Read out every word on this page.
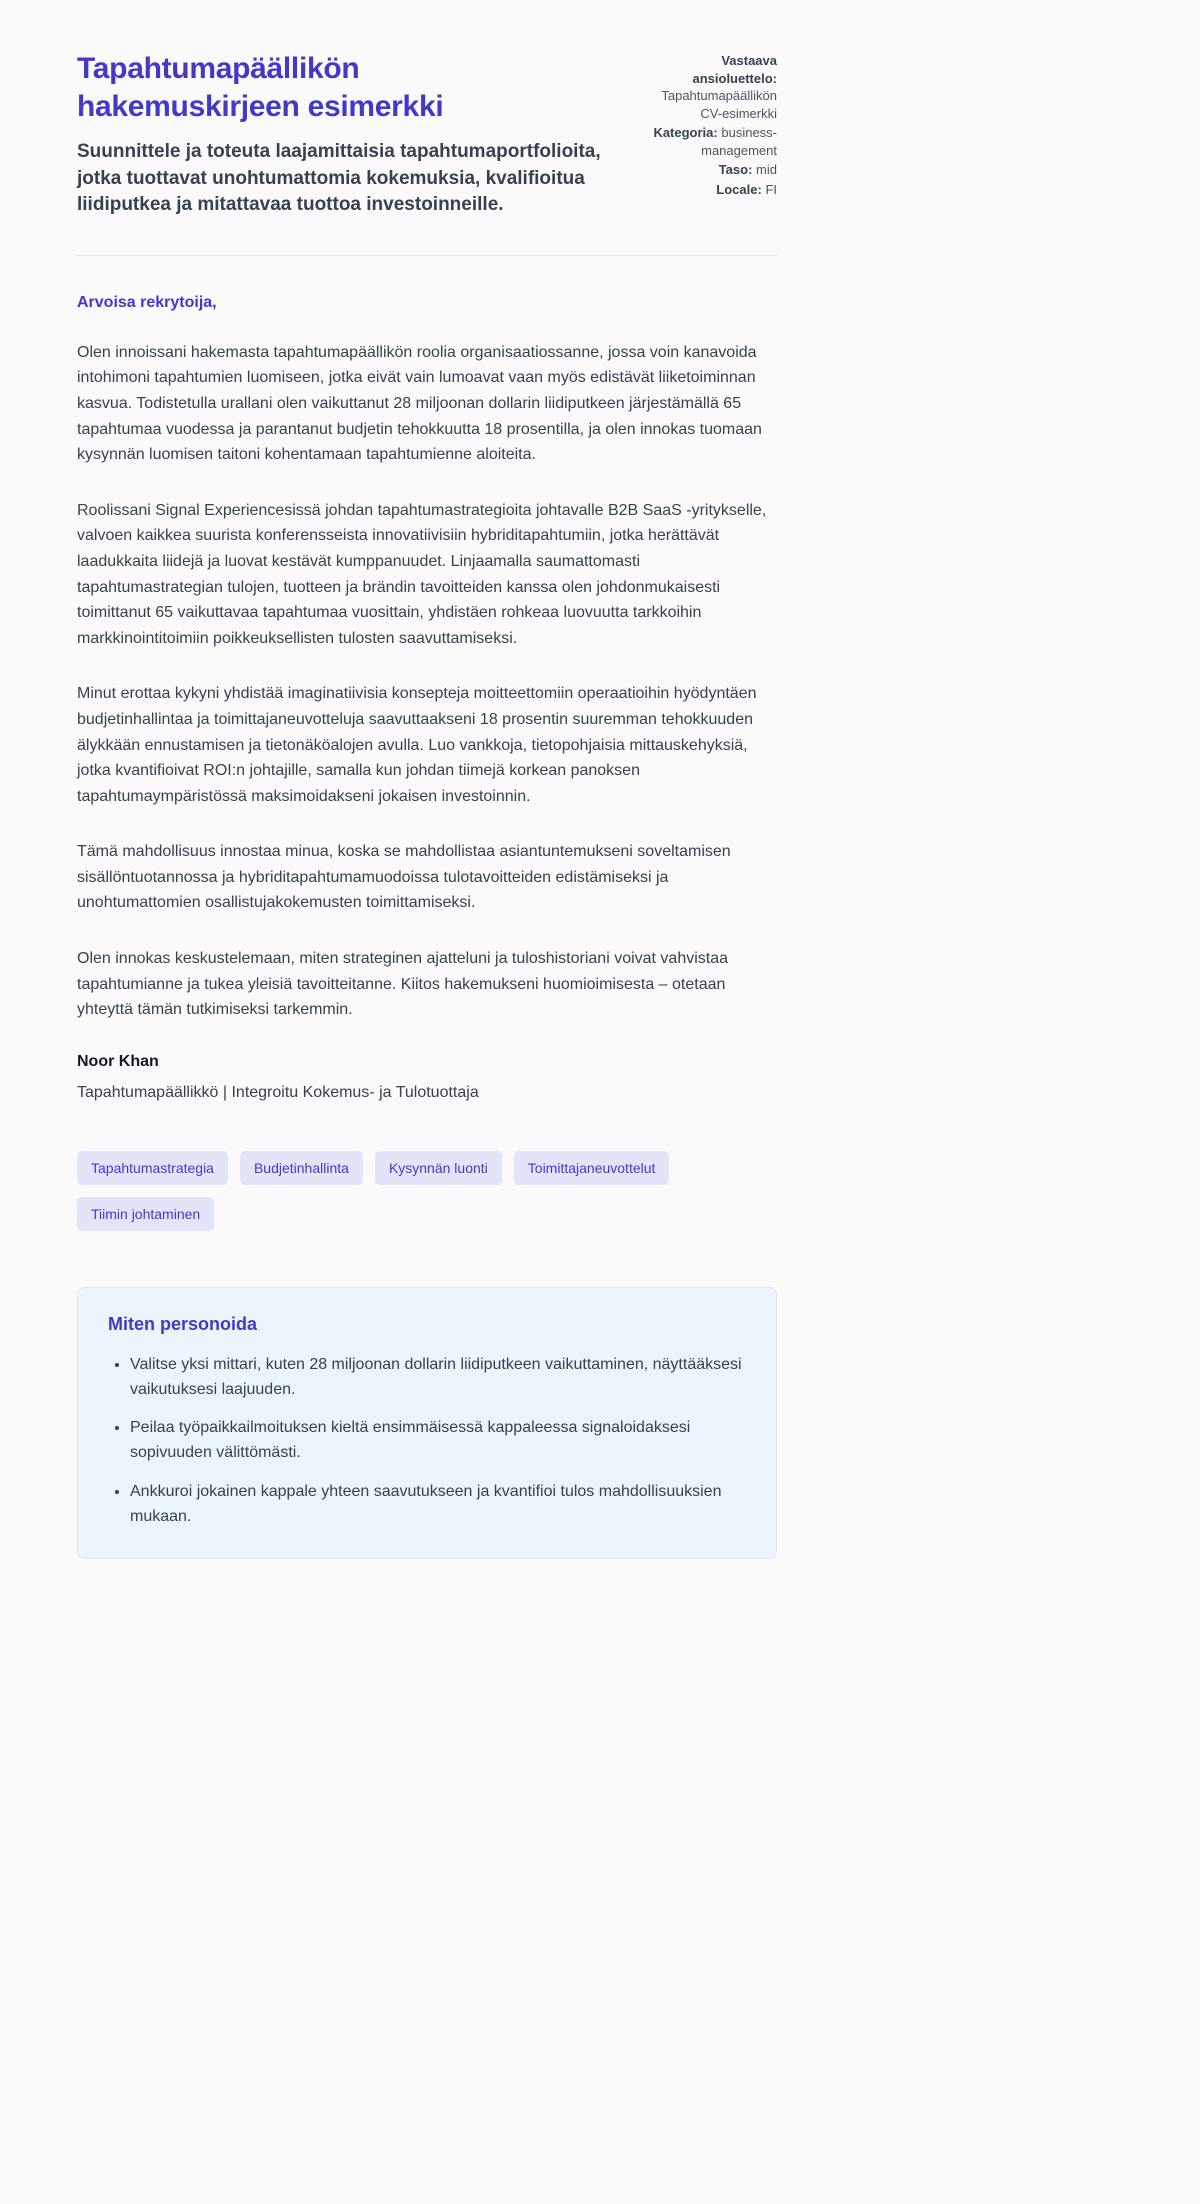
Tapahtumapäällikön hakemuskirjeen esimerkki

Suunnittele ja toteuta laajamittaisia tapahtumaportfolioita, jotka tuottavat unohtumattomia kokemuksia, kvalifioitua liidiputkea ja mitattavaa tuottoa investoinneille.

Vastaava ansioluettelo: Tapahtumapäällikön CV-esimerkki
Kategoria: business-management
Taso: mid
Locale: FI

Arvoisa rekrytoija,

Olen innoissani hakemasta tapahtumapäällikön roolia organisaatiossanne, jossa voin kanavoida intohimoni tapahtumien luomiseen, jotka eivät vain lumoavat vaan myös edistävät liiketoiminnan kasvua. Todistetulla urallani olen vaikuttanut 28 miljoonan dollarin liidiputkeen järjestämällä 65 tapahtumaa vuodessa ja parantanut budjetin tehokkuutta 18 prosentilla, ja olen innokas tuomaan kysynnän luomisen taitoni kohentamaan tapahtumienne aloiteita.

Roolissani Signal Experiencesissä johdan tapahtumastrategioita johtavalle B2B SaaS -yritykselle, valvoen kaikkea suurista konferensseista innovatiivisiin hybriditapahtumiin, jotka herättävät laadukkaita liidejä ja luovat kestävät kumppanuudet. Linjaamalla saumattomasti tapahtumastrategian tulojen, tuotteen ja brändin tavoitteiden kanssa olen johdonmukaisesti toimittanut 65 vaikuttavaa tapahtumaa vuosittain, yhdistäen rohkeaa luovuutta tarkkoihin markkinointitoimiin poikkeuksellisten tulosten saavuttamiseksi.

Minut erottaa kykyni yhdistää imaginatiivisia konsepteja moitteettomiin operaatioihin hyödyntäen budjetinhallintaa ja toimittajaneuvotteluja saavuttaakseni 18 prosentin suuremman tehokkuuden älykkään ennustamisen ja tietonäköalojen avulla. Luo vankkoja, tietopohjaisia mittauskehyksiä, jotka kvantifioivat ROI:n johtajille, samalla kun johdan tiimejä korkean panoksen tapahtumaympäristössä maksimoidakseni jokaisen investoinnin.

Tämä mahdollisuus innostaa minua, koska se mahdollistaa asiantuntemukseni soveltamisen sisällöntuotannossa ja hybriditapahtumamuodoissa tulotavoitteiden edistämiseksi ja unohtumattomien osallistujakokemusten toimittamiseksi.

Olen innokas keskustelemaan, miten strateginen ajatteluni ja tuloshistoriani voivat vahvistaa tapahtumianne ja tukea yleisiä tavoitteitanne. Kiitos hakemukseni huomioimisesta – otetaan yhteyttä tämän tutkimiseksi tarkemmin.

Noor Khan

Tapahtumapäällikkö | Integroitu Kokemus- ja Tulotuottaja

Tapahtumastrategia	Budjetinhallinta	Kysynnän luonti	Toimittajaneuvottelut
Tiimin johtaminen
Miten personoida
• Valitse yksi mittari, kuten 28 miljoonan dollarin liidiputkeen vaikuttaminen, näyttääksesi vaikutuksesi laajuuden.
• Peilaa työpaikkailmoituksen kieltä ensimmäisessä kappaleessa signaloidaksesi sopivuuden välittömästi.
• Ankkuroi jokainen kappale yhteen saavutukseen ja kvantifioi tulos mahdollisuuksien mukaan.
